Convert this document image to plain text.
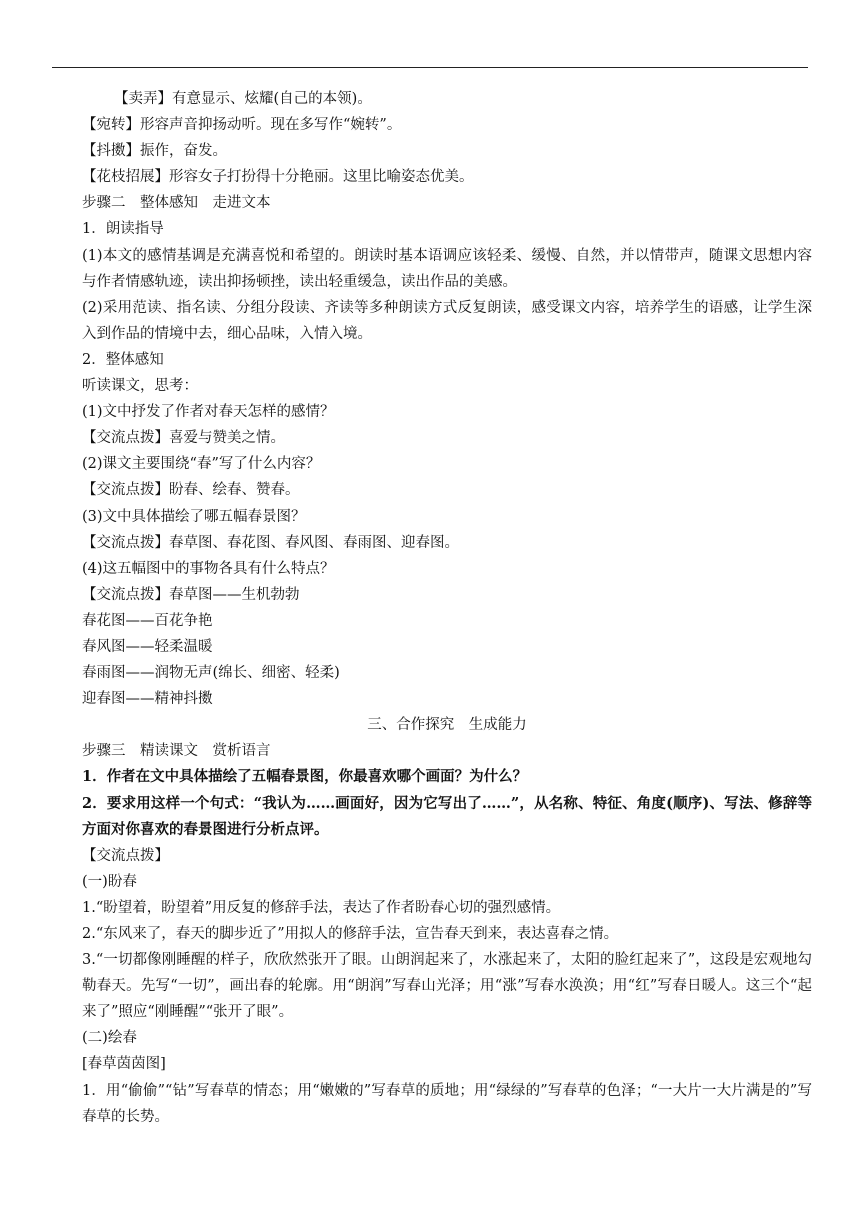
【卖弄】有意显示、炫耀(自己的本领)。
【宛转】形容声音抑扬动听。现在多写作“婉转”。
【抖擞】振作，奋发。
【花枝招展】形容女子打扮得十分艳丽。这里比喻姿态优美。
步骤二　整体感知　走进文本
1．朗读指导
(1)本文的感情基调是充满喜悦和希望的。朗读时基本语调应该轻柔、缓慢、自然，并以情带声，随课文思想内容与作者情感轨迹，读出抑扬顿挫，读出轻重缓急，读出作品的美感。
(2)采用范读、指名读、分组分段读、齐读等多种朗读方式反复朗读，感受课文内容，培养学生的语感，让学生深入到作品的情境中去，细心品味，入情入境。
2．整体感知
听读课文，思考：
(1)文中抒发了作者对春天怎样的感情？
【交流点拨】喜爱与赞美之情。
(2)课文主要围绕“春”写了什么内容？
【交流点拨】盼春、绘春、赞春。
(3)文中具体描绘了哪五幅春景图？
【交流点拨】春草图、春花图、春风图、春雨图、迎春图。
(4)这五幅图中的事物各具有什么特点？
【交流点拨】春草图——生机勃勃
春花图——百花争艳
春风图——轻柔温暖
春雨图——润物无声(绵长、细密、轻柔)
迎春图——精神抖擞
三、合作探究　生成能力
步骤三　精读课文　赏析语言
1．作者在文中具体描绘了五幅春景图，你最喜欢哪个画面？为什么？
2．要求用这样一个句式：“我认为……画面好，因为它写出了……”，从名称、特征、角度(顺序)、写法、修辞等方面对你喜欢的春景图进行分析点评。
【交流点拨】
(一)盼春
1.“盼望着，盼望着”用反复的修辞手法，表达了作者盼春心切的强烈感情。
2.“东风来了，春天的脚步近了”用拟人的修辞手法，宣告春天到来，表达喜春之情。
3.“一切都像刚睡醒的样子，欣欣然张开了眼。山朗润起来了，水涨起来了，太阳的脸红起来了”，这段是宏观地勾勒春天。先写“一切”，画出春的轮廓。用“朗润”写春山光泽；用“涨”写春水涣涣；用“红”写春日暖人。这三个“起来了”照应“刚睡醒”“张开了眼”。
(二)绘春
[春草茵茵图]
1．用“偷偷”“钻”写春草的情态；用“嫩嫩的”写春草的质地；用“绿绿的”写春草的色泽；“一大片一大片满是的”写春草的长势。
